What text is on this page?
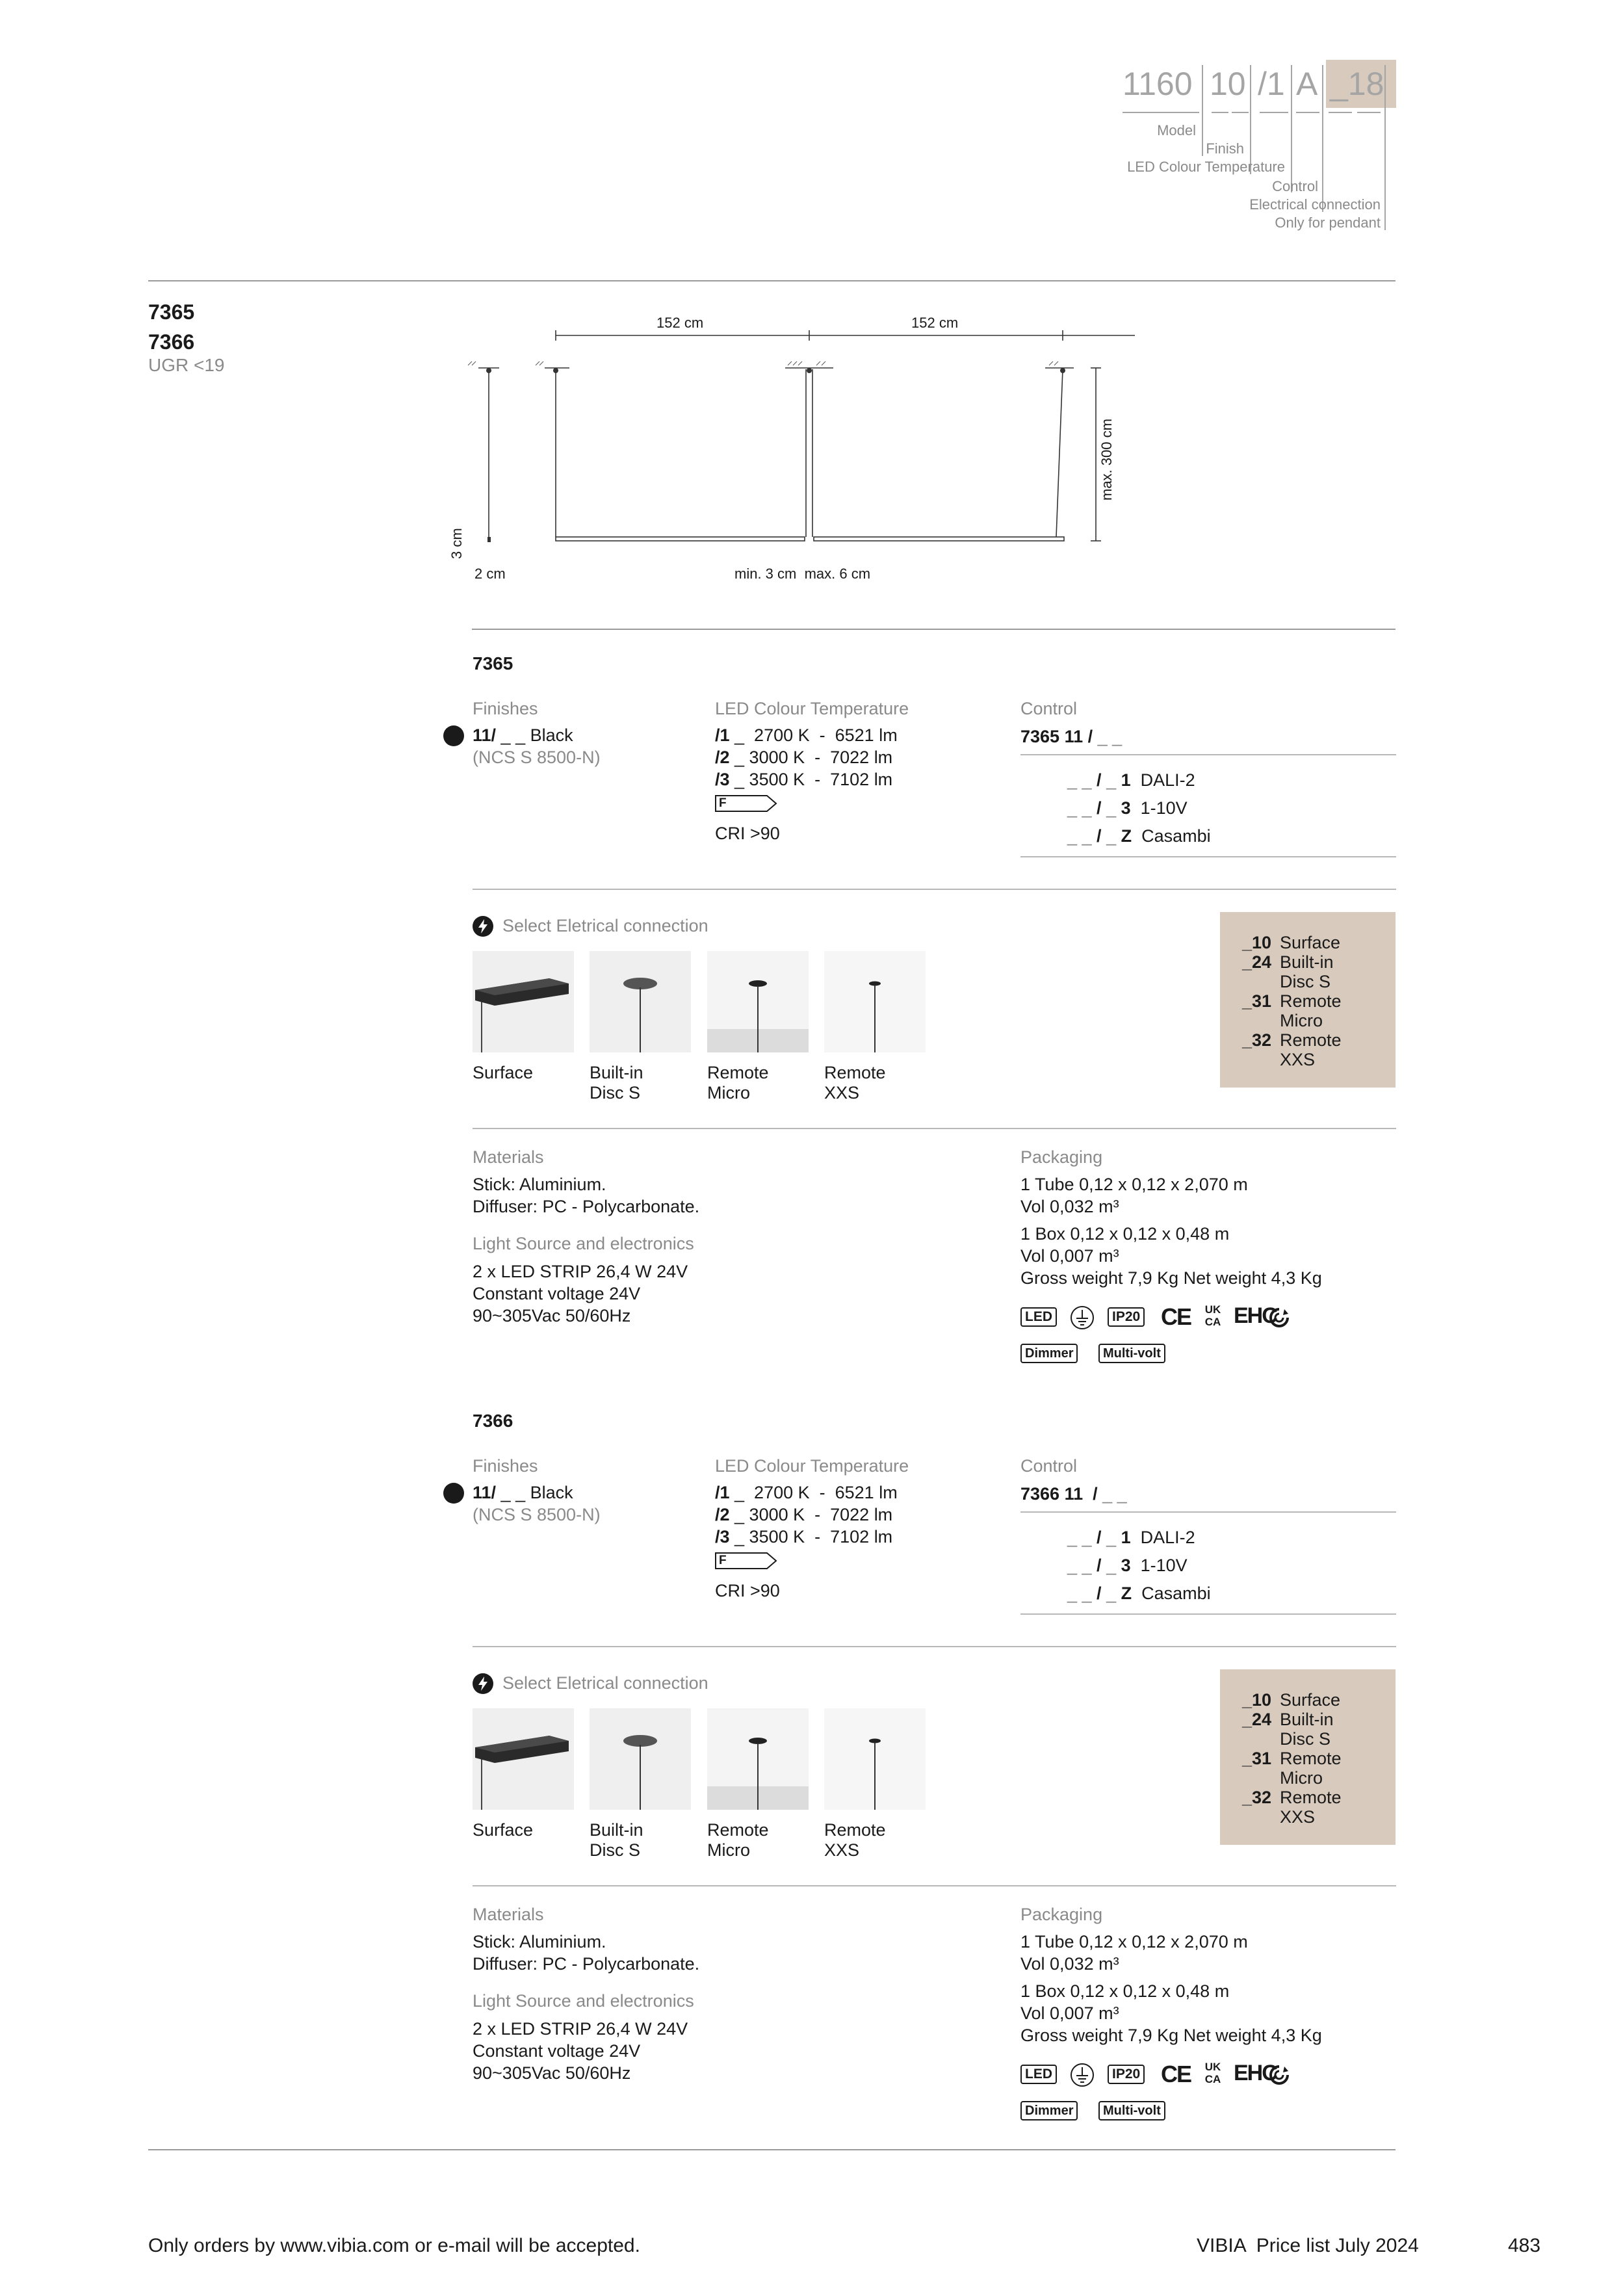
1160 10 /1 A _18
Model
Finish
LED Colour Temperature
Control
Electrical connection
Only for pendant
7365
7366
UGR <19
152 cm	152 cm
max. 300 cm
3 cm
2 cm	min. 3 cm  max. 6 cm
7365
Finishes
11/ _ _ Black
(NCS S 8500-N)
LED Colour Temperature
/1 _  2700 K  -  6521 lm
/2 _ 3000 K  -  7022 lm
/3 _ 3500 K  -  7102 lm
F
CRI >90
Control
7365 11 / _ _
_ _ / _ 1 DALI-2
_ _ / _ 3 1-10V
_ _ / _ Z Casambi
Select Eletrical connection
Surface	Built-in
Disc S
Remote
Micro
Remote
XXS
_10 Surface
_24 Built-in
Disc S
_31 Remote
Micro
_32 Remote
XXS
Materials
Stick: Aluminium.
Diffuser: PC - Polycarbonate.
Light Source and electronics
2 x LED STRIP 26,4 W 24V
Constant voltage 24V
90~305Vac 50/60Hz
Packaging
1 Tube 0,12 x 0,12 x 2,070 m
Vol 0,032 m³
1 Box 0,12 x 0,12 x 0,48 m
Vol 0,007 m³
Gross weight 7,9 Kg Net weight 4,3 Kg
LED	IP20 CE	UK CA EHC
Dimmer	Multi-volt
7366
Finishes
11/ _ _ Black
(NCS S 8500-N)
LED Colour Temperature
/1 _  2700 K  -  6521 lm
/2 _ 3000 K  -  7022 lm
/3 _ 3500 K  -  7102 lm
F
CRI >90
Control
7366 11  / _ _
_ _ / _ 1 DALI-2
_ _ / _ 3 1-10V
_ _ / _ Z Casambi
Select Eletrical connection
Surface	Built-in
Disc S
Remote
Micro
Remote
XXS
_10 Surface
_24 Built-in
Disc S
_31 Remote
Micro
_32 Remote
XXS
Materials
Stick: Aluminium.
Diffuser: PC - Polycarbonate.
Light Source and electronics
2 x LED STRIP 26,4 W 24V
Constant voltage 24V
90~305Vac 50/60Hz
Packaging
1 Tube 0,12 x 0,12 x 2,070 m
Vol 0,032 m³
1 Box 0,12 x 0,12 x 0,48 m
Vol 0,007 m³
Gross weight 7,9 Kg Net weight 4,3 Kg
LED	IP20 CE	UK CA EHC
Dimmer	Multi-volt
Only orders by www.vibia.com or e-mail will be accepted.	VIBIA  Price list July 2024	483
